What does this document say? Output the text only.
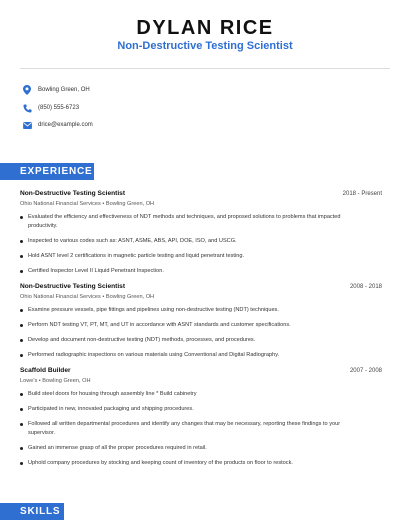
DYLAN RICE
Non-Destructive Testing Scientist
Bowling Green, OH
(850) 555-6723
drice@example.com
EXPERIENCE
Non-Destructive Testing Scientist	2018 - Present
Ohio National Financial Services • Bowling Green, OH
Evaluated the efficiency and effectiveness of NDT methods and techniques, and proposed solutions to problems that impacted productivity.
Inspected to various codes such as: ASNT, ASME, ABS, API, DOE, ISO, and USCG.
Hold ASNT level 2 certifications in magnetic particle testing and liquid penetrant testing.
Certified Inspector Level II Liquid Penetrant Inspection.
Non-Destructive Testing Scientist	2008 - 2018
Ohio National Financial Services • Bowling Green, OH
Examine pressure vessels, pipe fittings and pipelines using non-destructive testing (NDT) techniques.
Perform NDT testing VT, PT, MT, and UT in accordance with ASNT standards and customer specifications.
Develop and document non-destructive testing (NDT) methods, processes, and procedures.
Performed radiographic inspections on various materials using Conventional and Digital Radiography.
Scaffold Builder	2007 - 2008
Lowe's • Bowling Green, OH
Build steel doors for housing through assembly line * Build cabinetry
Participated in new, innovated packaging and shipping procedures.
Followed all written departmental procedures and identify any changes that may be necessary, reporting these findings to your supervisor.
Gained an immense grasp of all the proper procedures required in retail.
Uphold company procedures by stocking and keeping count of inventory of the products on floor to restock.
SKILLS
